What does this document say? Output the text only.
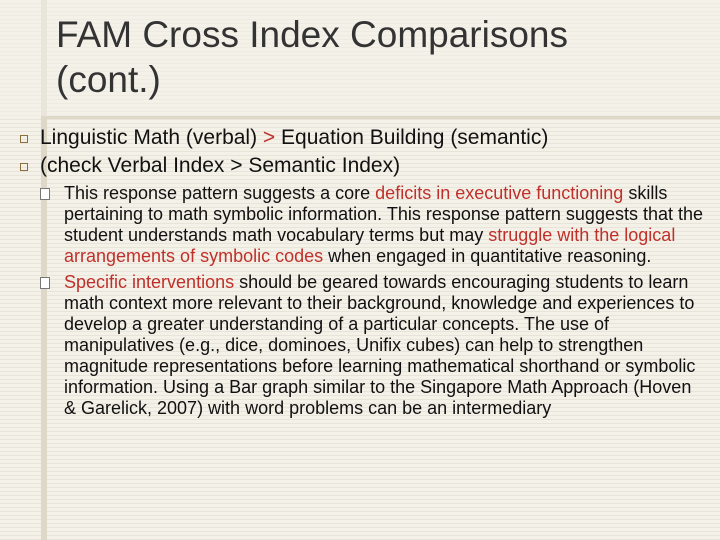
FAM Cross Index Comparisons
(cont.)
Linguistic Math (verbal) > Equation Building (semantic)
(check Verbal Index > Semantic Index)
This response pattern suggests a core deficits in executive functioning skills pertaining to math symbolic information. This response pattern suggests that the student understands math vocabulary terms but may struggle with the logical arrangements of symbolic codes when engaged in quantitative reasoning.
Specific interventions should be geared towards encouraging students to learn math context more relevant to their background, knowledge and experiences to develop a greater understanding of a particular concepts. The use of manipulatives (e.g., dice, dominoes, Unifix cubes) can help to strengthen magnitude representations before learning mathematical shorthand or symbolic information. Using a Bar graph similar to the Singapore Math Approach (Hoven & Garelick, 2007) with word problems can be an intermediary
